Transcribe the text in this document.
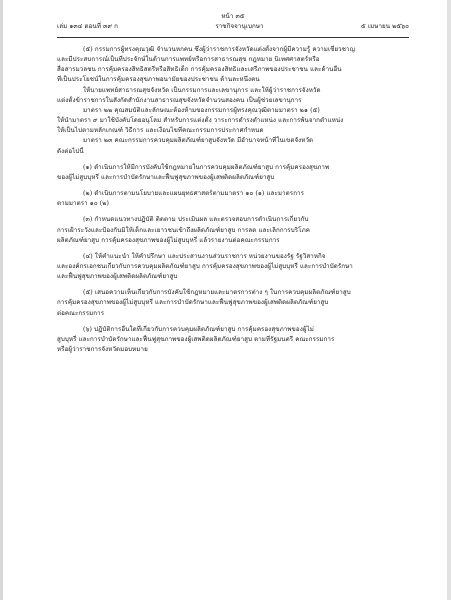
หน้า ๓๕
เล่ม ๑๓๔ ตอนที่ ๓๙ ก	ราชกิจจานุเบกษา	๕ เมษายน ๒๕๖๐
(๕) กรรมการผู้ทรงคุณวุฒิ จำนวนหกคน ซึ่งผู้ว่าราชการจังหวัดแต่งตั้งจากผู้มีความรู้ ความเชี่ยวชาญ
และมีประสบการณ์เป็นที่ประจักษ์ในด้านการแพทย์หรือการสาธารณสุข กฎหมาย นิเทศศาสตร์หรือ
สื่อสารมวลชน การคุ้มครองสิทธิสตรีหรือสิทธิเด็ก การคุ้มครองสิทธิและเสรีภาพของประชาชน และด้านอื่น
ที่เป็นประโยชน์ในการคุ้มครองสุขภาพอนามัยของประชาชน ด้านละหนึ่งคน
ให้นายแพทย์สาธารณสุขจังหวัด เป็นกรรมการและเลขานุการ และให้ผู้ว่าราชการจังหวัด
แต่งตั้งข้าราชการในสังกัดสำนักงานสาธารณสุขจังหวัดจำนวนสองคน เป็นผู้ช่วยเลขานุการ
มาตรา ๒๒ คุณสมบัติและลักษณะต้องห้ามของกรรมการผู้ทรงคุณวุฒิตามมาตรา ๒๑ (๕)
ให้นำมาตรา ๙ มาใช้บังคับโดยอนุโลม สำหรับการแต่งตั้ง วาระการดำรงตำแหน่ง และการพ้นจากตำแหน่ง
ให้เป็นไปตามหลักเกณฑ์ วิธีการ และเงื่อนไขที่คณะกรรมการประกาศกำหนด
มาตรา ๒๓ คณะกรรมการควบคุมผลิตภัณฑ์ยาสูบจังหวัด มีอำนาจหน้าที่ในเขตจังหวัด
ดังต่อไปนี้
(๑) ดำเนินการให้มีการบังคับใช้กฎหมายในการควบคุมผลิตภัณฑ์ยาสูบ การคุ้มครองสุขภาพ
ของผู้ไม่สูบบุหรี่ และการบำบัดรักษาและฟื้นฟูสุขภาพของผู้เสพติดผลิตภัณฑ์ยาสูบ
(๒) ดำเนินการตามนโยบายและแผนยุทธศาสตร์ตามมาตรา ๑๐ (๑) และมาตรการ
ตามมาตรา ๑๐ (๒)
(๓) กำหนดแนวทางปฏิบัติ ติดตาม ประเมินผล และตรวจสอบการดำเนินการเกี่ยวกับ
การเฝ้าระวังและป้องกันมิให้เด็กและเยาวชนเข้าถึงผลิตภัณฑ์ยาสูบ การลด และเลิกการบริโภค
ผลิตภัณฑ์ยาสูบ การคุ้มครองสุขภาพของผู้ไม่สูบบุหรี่ แล้วรายงานต่อคณะกรรมการ
(๔) ให้คำแนะนำ ให้คำปรึกษา และประสานงานส่วนราชการ หน่วยงานของรัฐ รัฐวิสาหกิจ
และองค์กรเอกชนเกี่ยวกับการควบคุมผลิตภัณฑ์ยาสูบ การคุ้มครองสุขภาพของผู้ไม่สูบบุหรี่ และการบำบัดรักษา
และฟื้นฟูสุขภาพของผู้เสพติดผลิตภัณฑ์ยาสูบ
(๕) เสนอความเห็นเกี่ยวกับการบังคับใช้กฎหมายและมาตรการต่าง ๆ ในการควบคุมผลิตภัณฑ์ยาสูบ
การคุ้มครองสุขภาพของผู้ไม่สูบบุหรี่ และการบำบัดรักษาและฟื้นฟูสุขภาพของผู้เสพติดผลิตภัณฑ์ยาสูบ
ต่อคณะกรรมการ
(๖) ปฏิบัติการอื่นใดที่เกี่ยวกับการควบคุมผลิตภัณฑ์ยาสูบ การคุ้มครองสุขภาพของผู้ไม่
สูบบุหรี่ และการบำบัดรักษาและฟื้นฟูสุขภาพของผู้เสพติดผลิตภัณฑ์ยาสูบ ตามที่รัฐมนตรี คณะกรรมการ
หรือผู้ว่าราชการจังหวัดมอบหมาย
